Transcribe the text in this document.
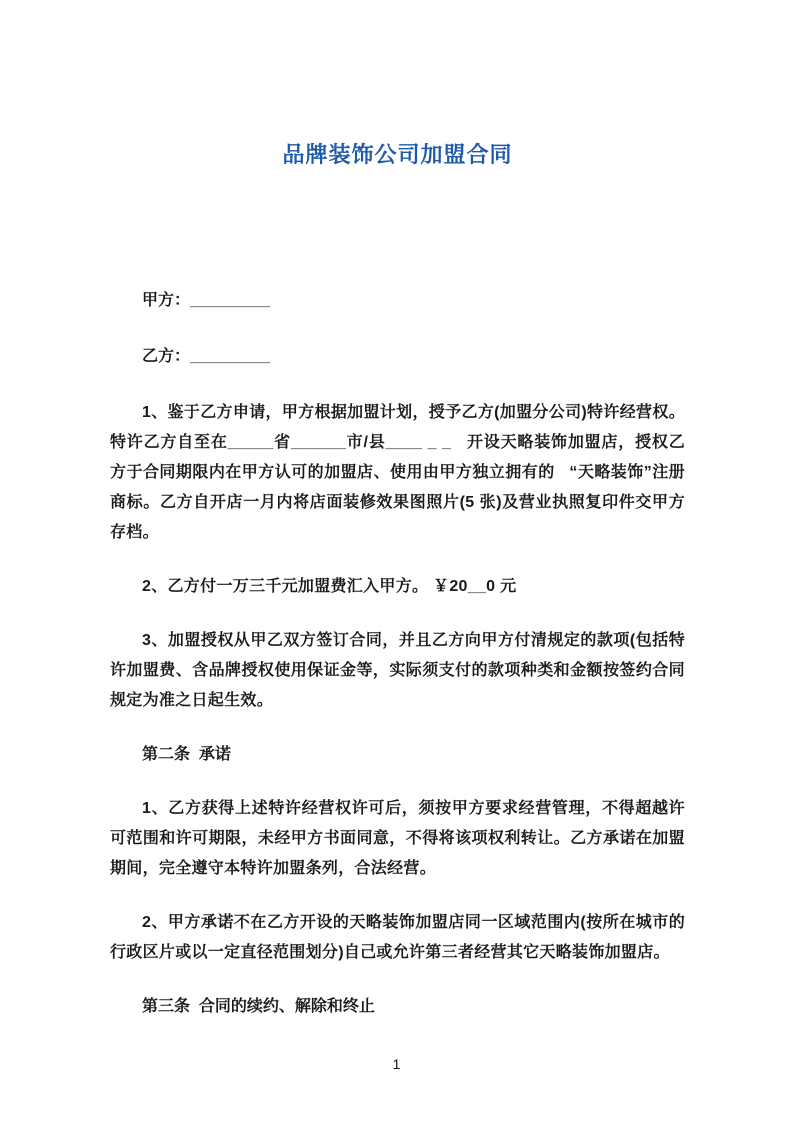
品牌装饰公司加盟合同
甲方：_________
乙方：_________

1、鉴于乙方申请，甲方根据加盟计划，授予乙方(加盟分公司)特许经营权。特许乙方自至在_____省______市/县____ _ _   开设天略装饰加盟店，授权乙方于合同期限内在甲方认可的加盟店、使用由甲方独立拥有的   “天略装饰”注册商标。乙方自开店一月内将店面装修效果图照片(5 张)及营业执照复印件交甲方存档。

2、乙方付一万三千元加盟费汇入甲方。 ￥20__0 元

3、加盟授权从甲乙双方签订合同，并且乙方向甲方付清规定的款项(包括特许加盟费、含品牌授权使用保证金等，实际须支付的款项种类和金额按签约合同规定为准之日起生效。

第二条  承诺

1、乙方获得上述特许经营权许可后，须按甲方要求经营管理，不得超越许可范围和许可期限，未经甲方书面同意，不得将该项权利转让。乙方承诺在加盟期间，完全遵守本特许加盟条列，合法经营。

2、甲方承诺不在乙方开设的天略装饰加盟店同一区域范围内(按所在城市的行政区片或以一定直径范围划分)自己或允许第三者经营其它天略装饰加盟店。

第三条  合同的续约、解除和终止

1
